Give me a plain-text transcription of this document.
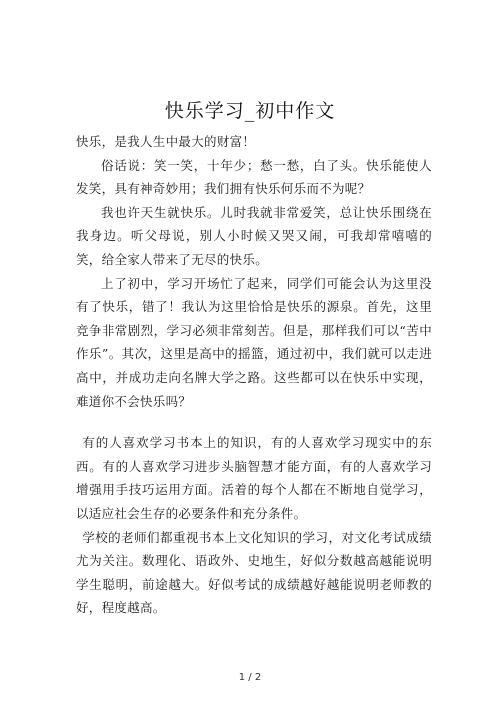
快乐学习_初中作文

快乐，是我人生中最大的财富！

俗话说：笑一笑，十年少；愁一愁，白了头。快乐能使人发笑，具有神奇妙用；我们拥有快乐何乐而不为呢？

我也许天生就快乐。儿时我就非常爱笑，总让快乐围绕在我身边。听父母说，别人小时候又哭又闹，可我却常嘻嘻的笑，给全家人带来了无尽的快乐。

上了初中，学习开场忙了起来，同学们可能会认为这里没有了快乐，错了！我认为这里恰恰是快乐的源泉。首先，这里竞争非常剧烈，学习必须非常刻苦。但是，那样我们可以“苦中作乐”。其次，这里是高中的摇篮，通过初中，我们就可以走进高中，并成功走向名牌大学之路。这些都可以在快乐中实现，难道你不会快乐吗？

有的人喜欢学习书本上的知识，有的人喜欢学习现实中的东西。有的人喜欢学习进步头脑智慧才能方面，有的人喜欢学习增强用手技巧运用方面。活着的每个人都在不断地自觉学习，以适应社会生存的必要条件和充分条件。

学校的老师们都重视书本上文化知识的学习，对文化考试成绩尤为关注。数理化、语政外、史地生，好似分数越高越能说明学生聪明，前途越大。好似考试的成绩越好越能说明老师教的好，程度越高。

1 / 2
